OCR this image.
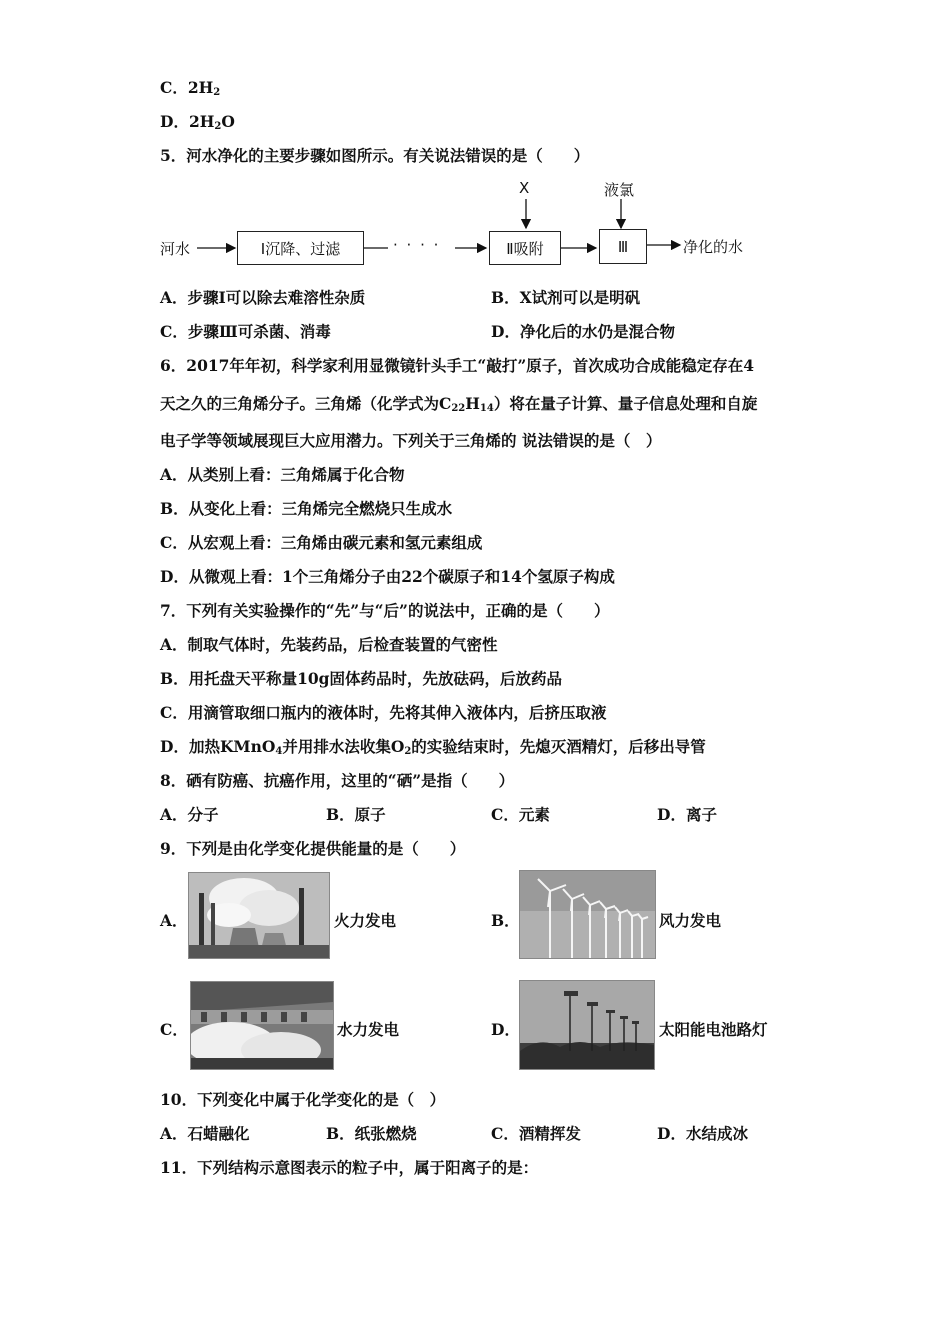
C．$2H_2$
D．$2H_2O$
5．河水净化的主要步骤如图所示。有关说法错误的是（　　）
河水	Ⅰ沉降、过滤	· · · ·	Ⅱ吸附	Ⅲ
X	液氯
净化的水
A．步骤Ⅰ可以除去难溶性杂质	B．X试剂可以是明矾
C．步骤Ⅲ可杀菌、消毒	D．净化后的水仍是混合物
6．2017年年初，科学家利用显微镜针头手工“敲打”原子，首次成功合成能稳定存在4
天之久的三角烯分子。三角烯（化学式为$C_{22}H_{14}$）将在量子计算、量子信息处理和自旋
电子学等领域展现巨大应用潜力。下列关于三角烯的 说法错误的是（　）
A．从类别上看：三角烯属于化合物
B．从变化上看：三角烯完全燃烧只生成水
C．从宏观上看：三角烯由碳元素和氢元素组成
D．从微观上看：1个三角烯分子由22个碳原子和14个氢原子构成
7．下列有关实验操作的“先”与“后”的说法中，正确的是（　　）
A．制取气体时，先装药品，后检查装置的气密性
B．用托盘天平称量10g固体药品时，先放砝码，后放药品
C．用滴管取细口瓶内的液体时，先将其伸入液体内，后挤压取液
D．加热KMnO$_4$并用排水法收集$O_2$的实验结束时，先熄灭酒精灯，后移出导管
8．硒有防癌、抗癌作用，这里的“硒”是指（　　）
A．分子	B．原子	C．元素	D．离子
9．下列是由化学变化提供能量的是（　　）
A．	火力发电	B．	风力发电
C．	水力发电	D．	太阳能电池路灯
10．下列变化中属于化学变化的是（　）
A．石蜡融化	B．纸张燃烧	C．酒精挥发	D．水结成冰
11．下列结构示意图表示的粒子中，属于阳离子的是：
